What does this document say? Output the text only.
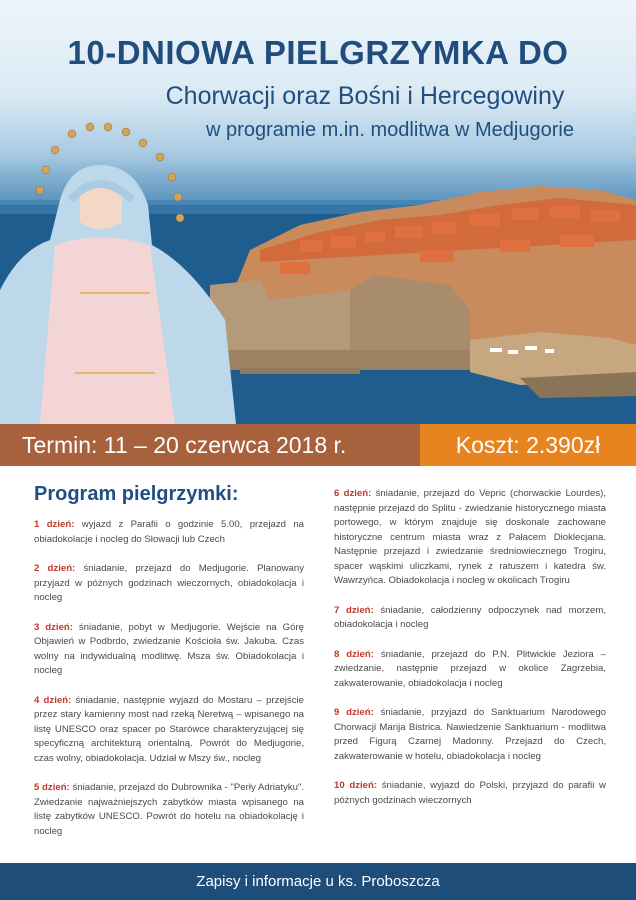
10-DNIOWA PIELGRZYMKA DO
Chorwacji oraz Bośni i Hercegowiny
w programie m.in. modlitwa w Medjugorie
Termin: 11 – 20 czerwca 2018 r.	Koszt: 2.390zł
Program pielgrzymki:
1 dzień: wyjazd z Parafii o godzinie 5.00, przejazd na obiadokolacje i nocleg do Słowacji lub Czech
2 dzień: śniadanie, przejazd do Medjugorie. Planowany przyjazd w póżnych godzinach wieczornych, obiadokolacja i nocleg
3 dzień: śniadanie, pobyt w Medjugorie. Wejście na Górę Objawień w Podbrdo, zwiedzanie Kościoła św. Jakuba. Czas wolny na indywidualną modlitwę. Msza św. Obiadokolacja i nocleg
4 dzień: śniadanie, następnie wyjazd do Mostaru – przejście przez stary kamienny most nad rzeką Neretwą – wpisanego na listę UNESCO oraz spacer po Starówce charakteryzującej się specyficzną architekturą orientalną. Powrót do Medjugorie, czas wolny, obiadokolacja. Udział w Mszy św., nocleg
5 dzień: śniadanie, przejazd do Dubrownika - "Perły Adriatyku". Zwiedzanie najważniejszych zabytków miasta wpisanego na listę zabytków UNESCO. Powrót do hotelu na obiadokolację i nocleg
6 dzień: śniadanie, przejazd do Vepric (chorwackie Lourdes), następnie przejazd do Splitu - zwiedzanie historycznego miasta portowego, w którym znajduje się doskonale zachowane historyczne centrum miasta wraz z Pałacem Dioklecjana. Następnie przejazd i zwiedzanie średniowiecznego Trogiru, spacer wąskimi uliczkami, rynek z ratuszem i katedra św. Wawrzyńca. Obiadokolacja i nocleg w okolicach Trogiru
7 dzień: śniadanie, całodzienny odpoczynek nad morzem, obiadokolacja i nocleg
8 dzień: śniadanie, przejazd do P.N. Plitwickie Jeziora – zwiedzanie, następnie przejazd w okolice Zagrzebia, zakwaterowanie, obiadokolacja i nocleg
9 dzień: śniadanie, przyjazd do Sanktuarium Narodowego Chorwacji Marija Bistrica. Nawiedzenie Sanktuarium - modlitwa przed Figurą Czarnej Madonny. Przejazd do Czech, zakwaterowanie w hotelu, obiadokolacja i nocleg
10 dzień: śniadanie, wyjazd do Polski, przyjazd do parafii w póżnych godzinach wieczornych
Zapisy i informacje u ks. Proboszcza
